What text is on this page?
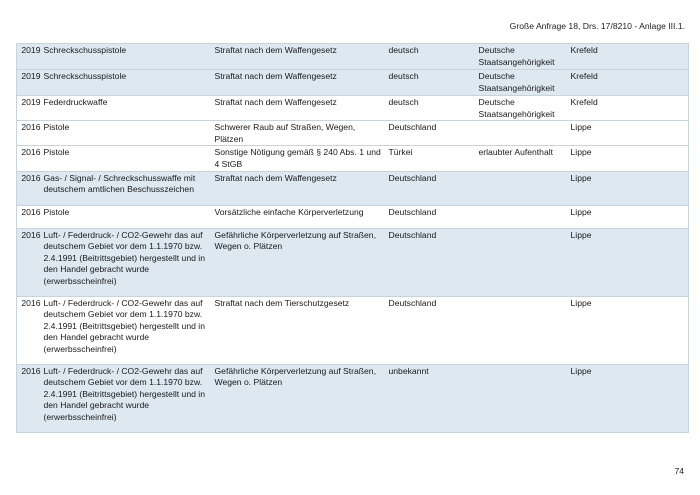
Große Anfrage 18, Drs. 17/8210 - Anlage III.1.
2019	Schreckschusspistole	Straftat nach dem Waffengesetz	deutsch	Deutsche Staatsangehörigkeit	Krefeld
2019	Schreckschusspistole	Straftat nach dem Waffengesetz	deutsch	Deutsche Staatsangehörigkeit	Krefeld
2019	Federdruckwaffe	Straftat nach dem Waffengesetz	deutsch	Deutsche Staatsangehörigkeit	Krefeld
2016	Pistole	Schwerer Raub auf Straßen, Wegen, Plätzen	Deutschland		Lippe
2016	Pistole	Sonstige Nötigung gemäß § 240 Abs. 1 und 4 StGB	Türkei	erlaubter Aufenthalt	Lippe
2016	Gas- / Signal- / Schreckschusswaffe mit deutschem amtlichen Beschusszeichen	Straftat nach dem Waffengesetz	Deutschland		Lippe
2016	Pistole	Vorsätzliche einfache Körperverletzung	Deutschland		Lippe
2016	Luft- / Federdruck- / CO2-Gewehr das auf deutschem Gebiet vor dem 1.1.1970 bzw. 2.4.1991 (Beitrittsgebiet) hergestellt und in den Handel gebracht wurde (erwerbsscheinfrei)	Gefährliche Körperverletzung auf Straßen, Wegen o. Plätzen	Deutschland		Lippe
2016	Luft- / Federdruck- / CO2-Gewehr das auf deutschem Gebiet vor dem 1.1.1970 bzw. 2.4.1991 (Beitrittsgebiet) hergestellt und in den Handel gebracht wurde (erwerbsscheinfrei)	Straftat nach dem Tierschutzgesetz	Deutschland		Lippe
2016	Luft- / Federdruck- / CO2-Gewehr das auf deutschem Gebiet vor dem 1.1.1970 bzw. 2.4.1991 (Beitrittsgebiet) hergestellt und in den Handel gebracht wurde (erwerbsscheinfrei)	Gefährliche Körperverletzung auf Straßen, Wegen o. Plätzen	unbekannt		Lippe
74
